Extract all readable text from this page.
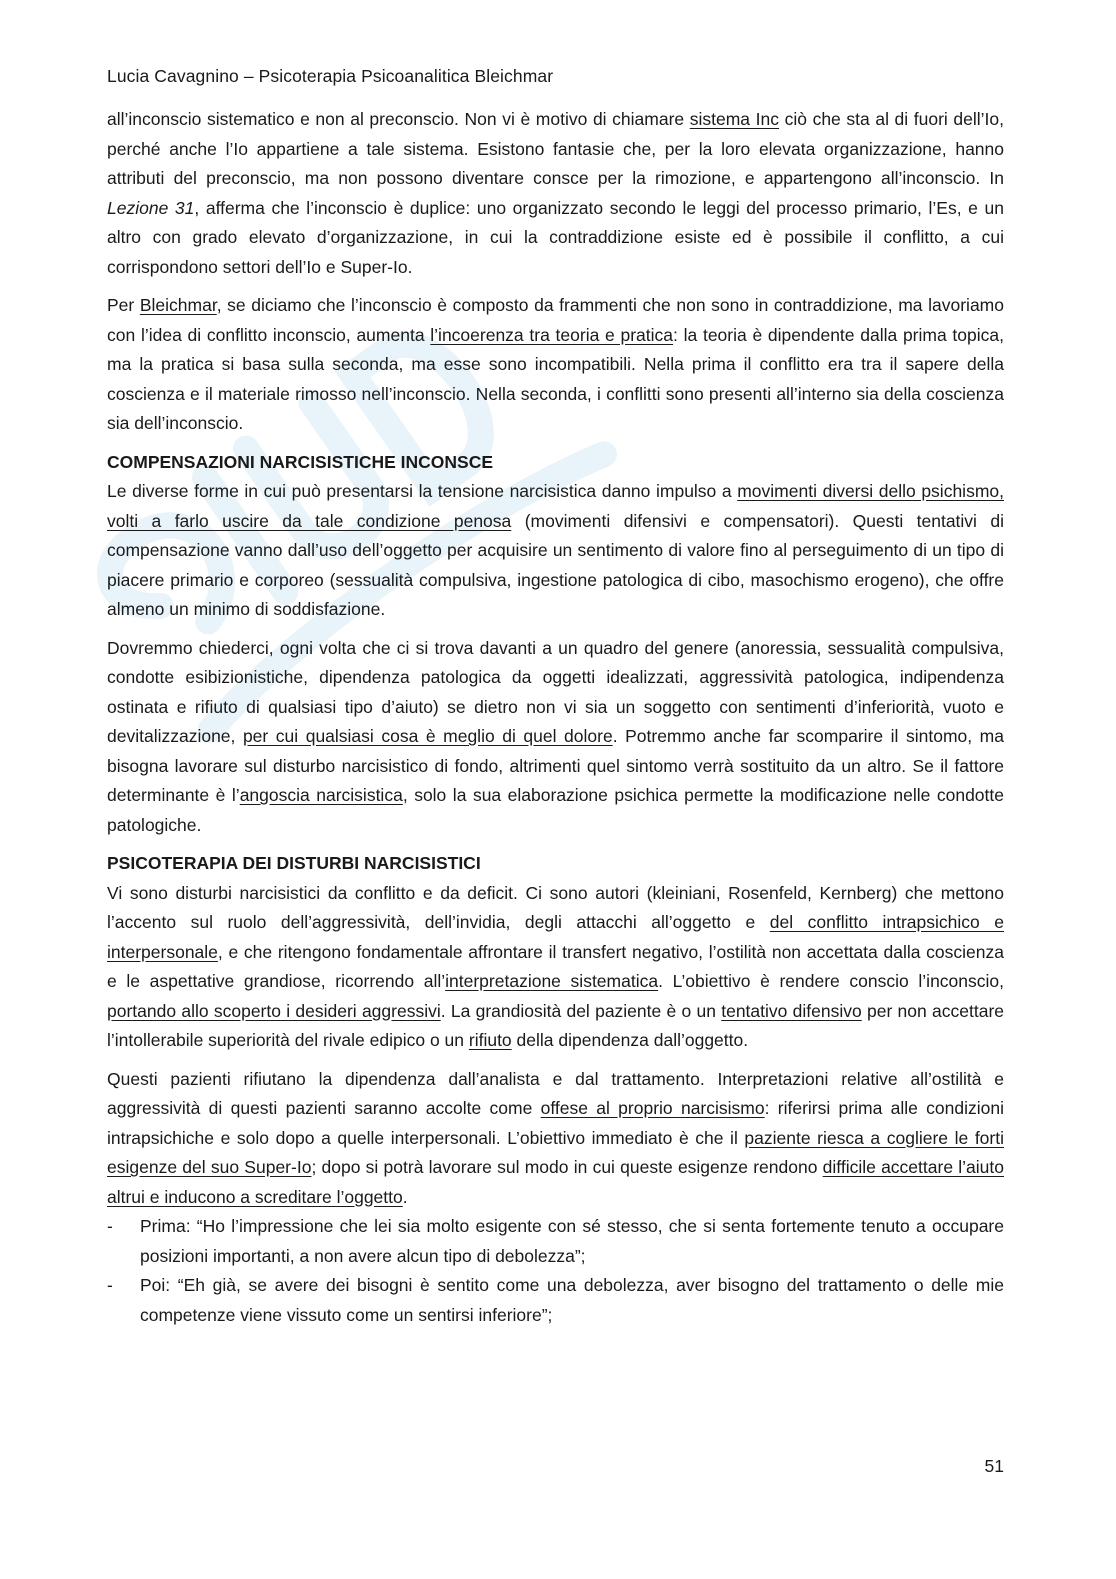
Lucia Cavagnino – Psicoterapia Psicoanalitica Bleichmar

all’inconscio sistematico e non al preconscio. Non vi è motivo di chiamare sistema Inc ciò che sta al di fuori dell’Io, perché anche l’Io appartiene a tale sistema. Esistono fantasie che, per la loro elevata organizzazione, hanno attributi del preconscio, ma non possono diventare consce per la rimozione, e appartengono all’inconscio. In Lezione 31, afferma che l’inconscio è duplice: uno organizzato secondo le leggi del processo primario, l’Es, e un altro con grado elevato d’organizzazione, in cui la contraddizione esiste ed è possibile il conflitto, a cui corrispondono settori dell’Io e Super-Io.

Per Bleichmar, se diciamo che l’inconscio è composto da frammenti che non sono in contraddizione, ma lavoriamo con l’idea di conflitto inconscio, aumenta l’incoerenza tra teoria e pratica: la teoria è dipendente dalla prima topica, ma la pratica si basa sulla seconda, ma esse sono incompatibili. Nella prima il conflitto era tra il sapere della coscienza e il materiale rimosso nell’inconscio. Nella seconda, i conflitti sono presenti all’interno sia della coscienza sia dell’inconscio.

COMPENSAZIONI NARCISISTICHE INCONSCE

Le diverse forme in cui può presentarsi la tensione narcisistica danno impulso a movimenti diversi dello psichismo, volti a farlo uscire da tale condizione penosa (movimenti difensivi e compensatori). Questi tentativi di compensazione vanno dall’uso dell’oggetto per acquisire un sentimento di valore fino al perseguimento di un tipo di piacere primario e corporeo (sessualità compulsiva, ingestione patologica di cibo, masochismo erogeno), che offre almeno un minimo di soddisfazione.

Dovremmo chiederci, ogni volta che ci si trova davanti a un quadro del genere (anoressia, sessualità compulsiva, condotte esibizionistiche, dipendenza patologica da oggetti idealizzati, aggressività patologica, indipendenza ostinata e rifiuto di qualsiasi tipo d’aiuto) se dietro non vi sia un soggetto con sentimenti d’inferiorità, vuoto e devitalizzazione, per cui qualsiasi cosa è meglio di quel dolore. Potremmo anche far scomparire il sintomo, ma bisogna lavorare sul disturbo narcisistico di fondo, altrimenti quel sintomo verrà sostituito da un altro. Se il fattore determinante è l’angoscia narcisistica, solo la sua elaborazione psichica permette la modificazione nelle condotte patologiche.

PSICOTERAPIA DEI DISTURBI NARCISISTICI

Vi sono disturbi narcisistici da conflitto e da deficit. Ci sono autori (kleiniani, Rosenfeld, Kernberg) che mettono l’accento sul ruolo dell’aggressività, dell’invidia, degli attacchi all’oggetto e del conflitto intrapsichico e interpersonale, e che ritengono fondamentale affrontare il transfert negativo, l’ostilità non accettata dalla coscienza e le aspettative grandiose, ricorrendo all’interpretazione sistematica. L’obiettivo è rendere conscio l’inconscio, portando allo scoperto i desideri aggressivi. La grandiosità del paziente è o un tentativo difensivo per non accettare l’intollerabile superiorità del rivale edipico o un rifiuto della dipendenza dall’oggetto.

Questi pazienti rifiutano la dipendenza dall’analista e dal trattamento. Interpretazioni relative all’ostilità e aggressività di questi pazienti saranno accolte come offese al proprio narcisismo: riferirsi prima alle condizioni intrapsichiche e solo dopo a quelle interpersonali. L’obiettivo immediato è che il paziente riesca a cogliere le forti esigenze del suo Super-Io; dopo si potrà lavorare sul modo in cui queste esigenze rendono difficile accettare l’aiuto altrui e inducono a screditare l’oggetto.

- Prima: “Ho l’impressione che lei sia molto esigente con sé stesso, che si senta fortemente tenuto a occupare posizioni importanti, a non avere alcun tipo di debolezza”;
- Poi: “Eh già, se avere dei bisogni è sentito come una debolezza, aver bisogno del trattamento o delle mie competenze viene vissuto come un sentirsi inferiore”;
51
